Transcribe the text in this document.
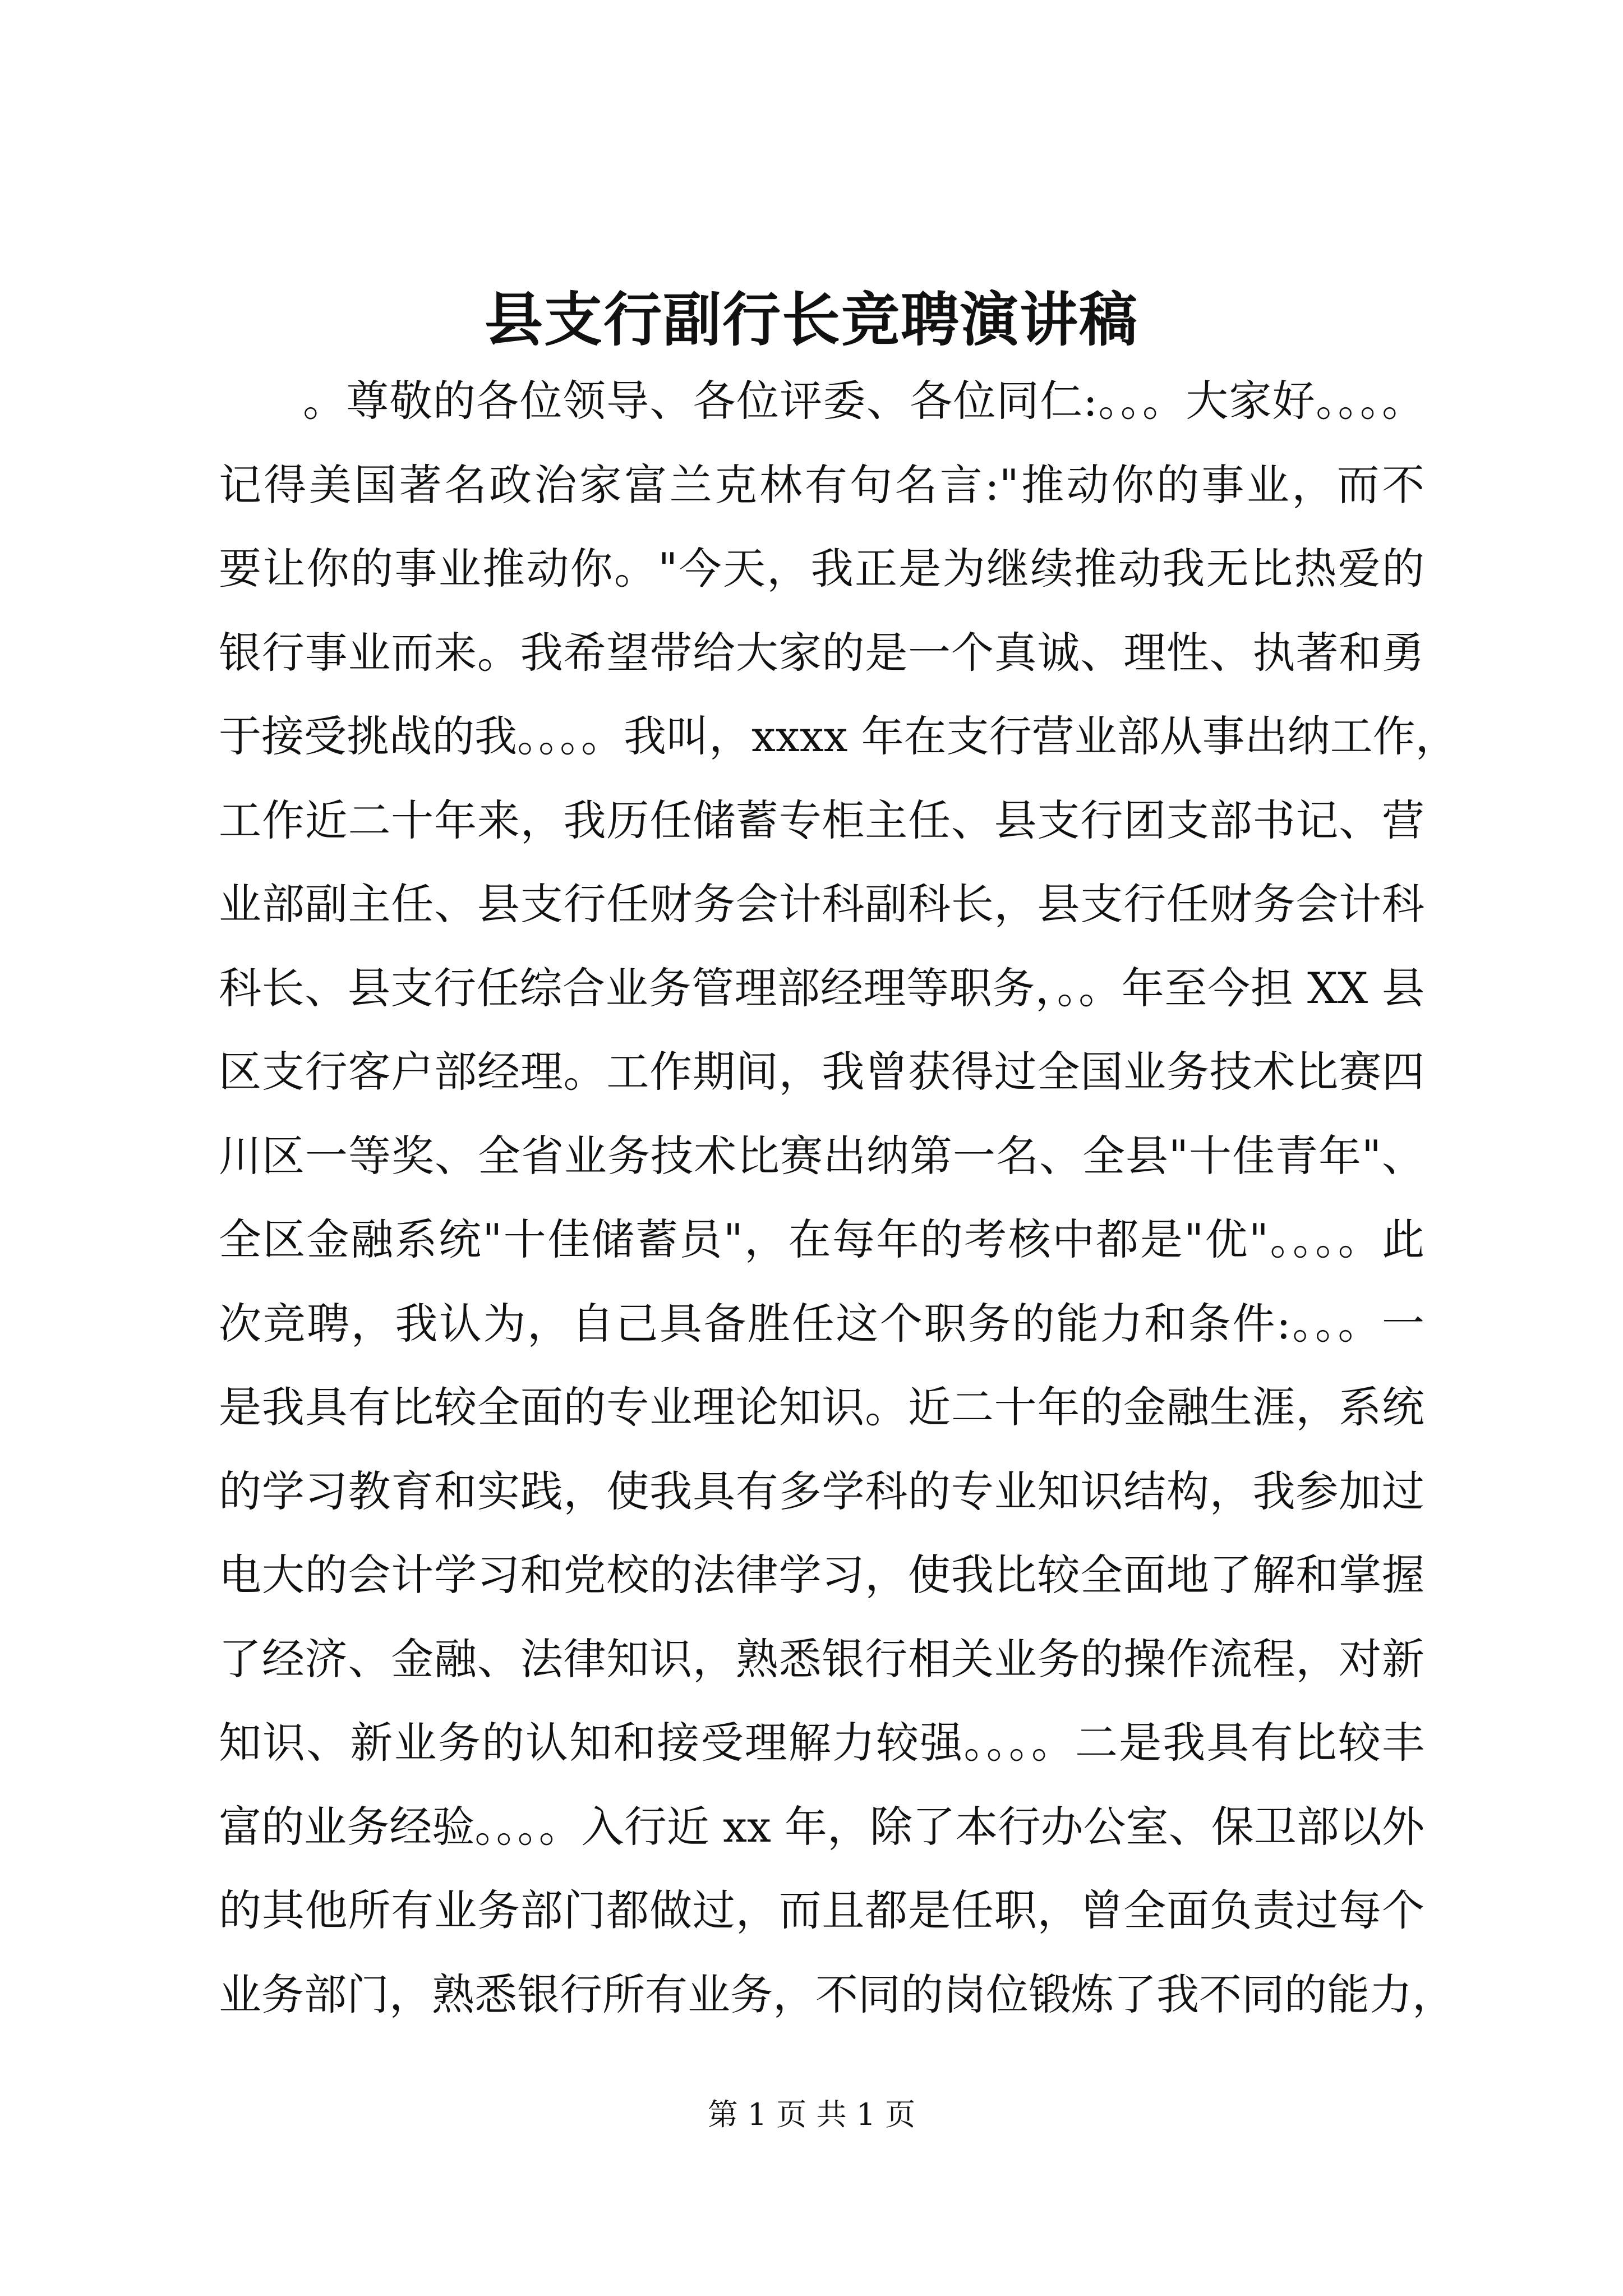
县支行副行长竞聘演讲稿
。尊敬的各位领导、各位评委、各位同仁:。。。大家好。。。。
记得美国著名政治家富兰克林有句名言:"推动你的事业，而不
要让你的事业推动你。"今天，我正是为继续推动我无比热爱的
银行事业而来。我希望带给大家的是一个真诚、理性、执著和勇
于接受挑战的我。。。。我叫，xxxx 年在支行营业部从事出纳工作，
工作近二十年来，我历任储蓄专柜主任、县支行团支部书记、营
业部副主任、县支行任财务会计科副科长，县支行任财务会计科
科长、县支行任综合业务管理部经理等职务，。。年至今担 XX 县
区支行客户部经理。工作期间，我曾获得过全国业务技术比赛四
川区一等奖、全省业务技术比赛出纳第一名、全县"十佳青年"、
全区金融系统"十佳储蓄员"，在每年的考核中都是"优"。。。。此
次竞聘，我认为，自己具备胜任这个职务的能力和条件:。。。一
是我具有比较全面的专业理论知识。近二十年的金融生涯，系统
的学习教育和实践，使我具有多学科的专业知识结构，我参加过
电大的会计学习和党校的法律学习，使我比较全面地了解和掌握
了经济、金融、法律知识，熟悉银行相关业务的操作流程，对新
知识、新业务的认知和接受理解力较强。。。。二是我具有比较丰
富的业务经验。。。。入行近 xx 年，除了本行办公室、保卫部以外
的其他所有业务部门都做过，而且都是任职，曾全面负责过每个
业务部门，熟悉银行所有业务，不同的岗位锻炼了我不同的能力，
第 1 页 共 1 页
